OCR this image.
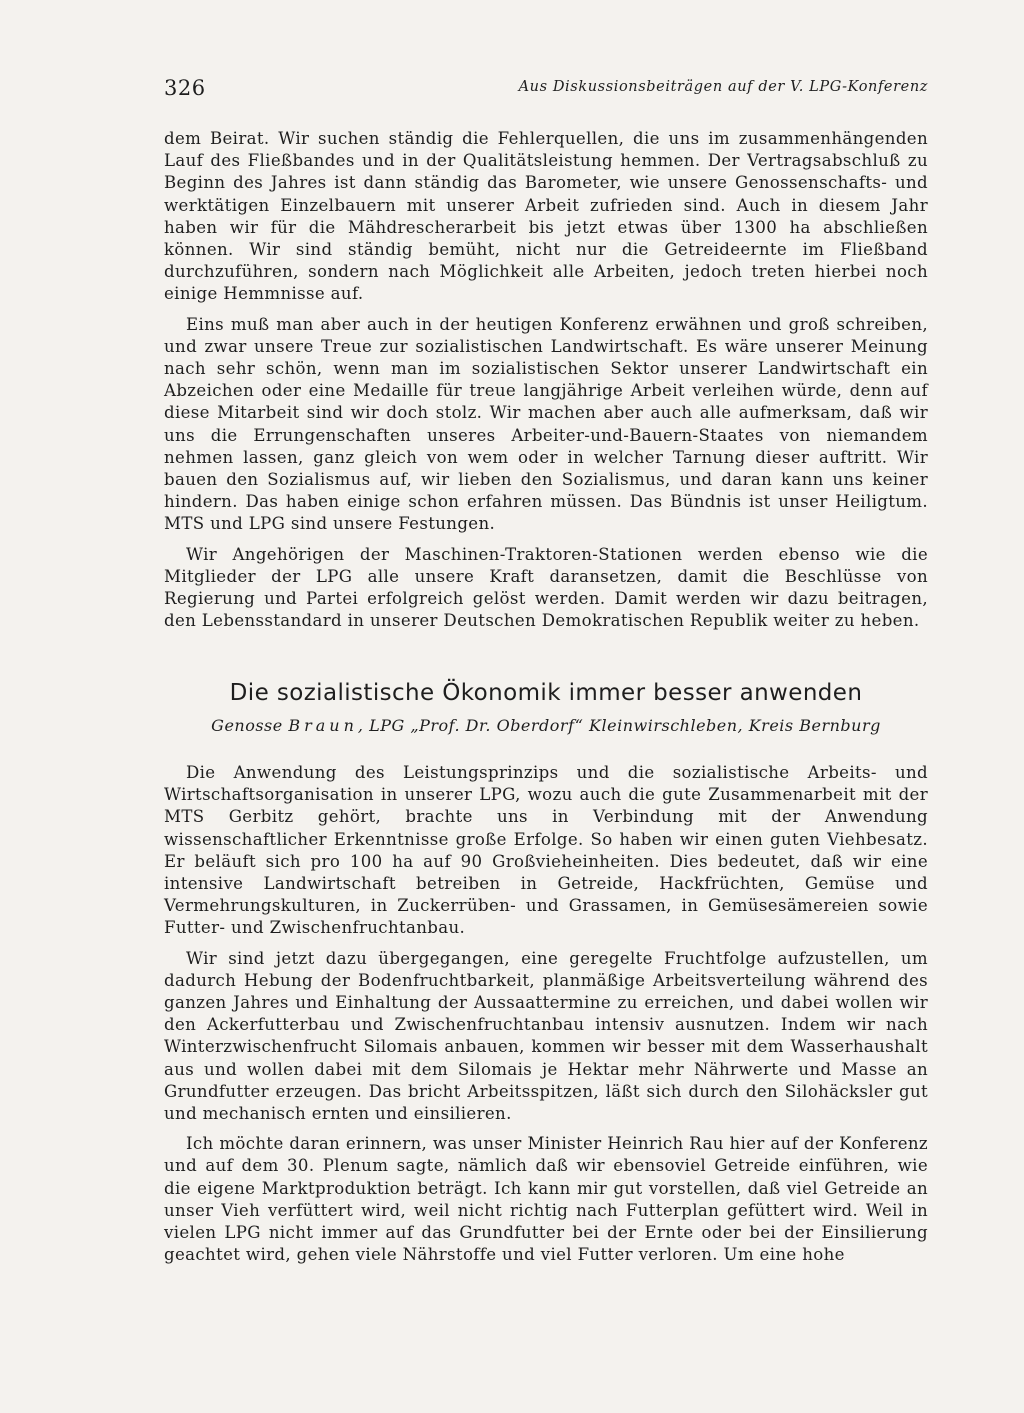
326	Aus Diskussionsbeiträgen auf der V. LPG-Konferenz

dem Beirat. Wir suchen ständig die Fehlerquellen, die uns im zusammenhängenden Lauf des Fließbandes und in der Qualitätsleistung hemmen. Der Vertragsabschluß zu Beginn des Jahres ist dann ständig das Barometer, wie unsere Genossenschafts- und werktätigen Einzelbauern mit unserer Arbeit zufrieden sind. Auch in diesem Jahr haben wir für die Mähdrescherarbeit bis jetzt etwas über 1300 ha abschließen können. Wir sind ständig bemüht, nicht nur die Getreideernte im Fließband durchzuführen, sondern nach Möglichkeit alle Arbeiten, jedoch treten hierbei noch einige Hemmnisse auf.

Eins muß man aber auch in der heutigen Konferenz erwähnen und groß schreiben, und zwar unsere Treue zur sozialistischen Landwirtschaft. Es wäre unserer Meinung nach sehr schön, wenn man im sozialistischen Sektor unserer Landwirtschaft ein Abzeichen oder eine Medaille für treue langjährige Arbeit verleihen würde, denn auf diese Mitarbeit sind wir doch stolz. Wir machen aber auch alle aufmerksam, daß wir uns die Errungenschaften unseres Arbeiter-und-Bauern-Staates von niemandem nehmen lassen, ganz gleich von wem oder in welcher Tarnung dieser auftritt. Wir bauen den Sozialismus auf, wir lieben den Sozialismus, und daran kann uns keiner hindern. Das haben einige schon erfahren müssen. Das Bündnis ist unser Heiligtum. MTS und LPG sind unsere Festungen.

Wir Angehörigen der Maschinen-Traktoren-Stationen werden ebenso wie die Mitglieder der LPG alle unsere Kraft daransetzen, damit die Beschlüsse von Regierung und Partei erfolgreich gelöst werden. Damit werden wir dazu beitragen, den Lebensstandard in unserer Deutschen Demokratischen Republik weiter zu heben.

Die sozialistische Ökonomik immer besser anwenden
Genosse Braun, LPG „Prof. Dr. Oberdorf“ Kleinwirschleben, Kreis Bernburg

Die Anwendung des Leistungsprinzips und die sozialistische Arbeits- und Wirtschaftsorganisation in unserer LPG, wozu auch die gute Zusammenarbeit mit der MTS Gerbitz gehört, brachte uns in Verbindung mit der Anwendung wissenschaftlicher Erkenntnisse große Erfolge. So haben wir einen guten Viehbesatz. Er beläuft sich pro 100 ha auf 90 Großvieheinheiten. Dies bedeutet, daß wir eine intensive Landwirtschaft betreiben in Getreide, Hackfrüchten, Gemüse und Vermehrungskulturen, in Zuckerrüben- und Grassamen, in Gemüsesämereien sowie Futter- und Zwischenfruchtanbau.

Wir sind jetzt dazu übergegangen, eine geregelte Fruchtfolge aufzustellen, um dadurch Hebung der Bodenfruchtbarkeit, planmäßige Arbeitsverteilung während des ganzen Jahres und Einhaltung der Aussaattermine zu erreichen, und dabei wollen wir den Ackerfutterbau und Zwischenfruchtanbau intensiv ausnutzen. Indem wir nach Winterzwischenfrucht Silomais anbauen, kommen wir besser mit dem Wasserhaushalt aus und wollen dabei mit dem Silomais je Hektar mehr Nährwerte und Masse an Grundfutter erzeugen. Das bricht Arbeitsspitzen, läßt sich durch den Silohäcksler gut und mechanisch ernten und einsilieren.

Ich möchte daran erinnern, was unser Minister Heinrich Rau hier auf der Konferenz und auf dem 30. Plenum sagte, nämlich daß wir ebensoviel Getreide einführen, wie die eigene Marktproduktion beträgt. Ich kann mir gut vorstellen, daß viel Getreide an unser Vieh verfüttert wird, weil nicht richtig nach Futterplan gefüttert wird. Weil in vielen LPG nicht immer auf das Grundfutter bei der Ernte oder bei der Einsilierung geachtet wird, gehen viele Nährstoffe und viel Futter verloren. Um eine hohe
